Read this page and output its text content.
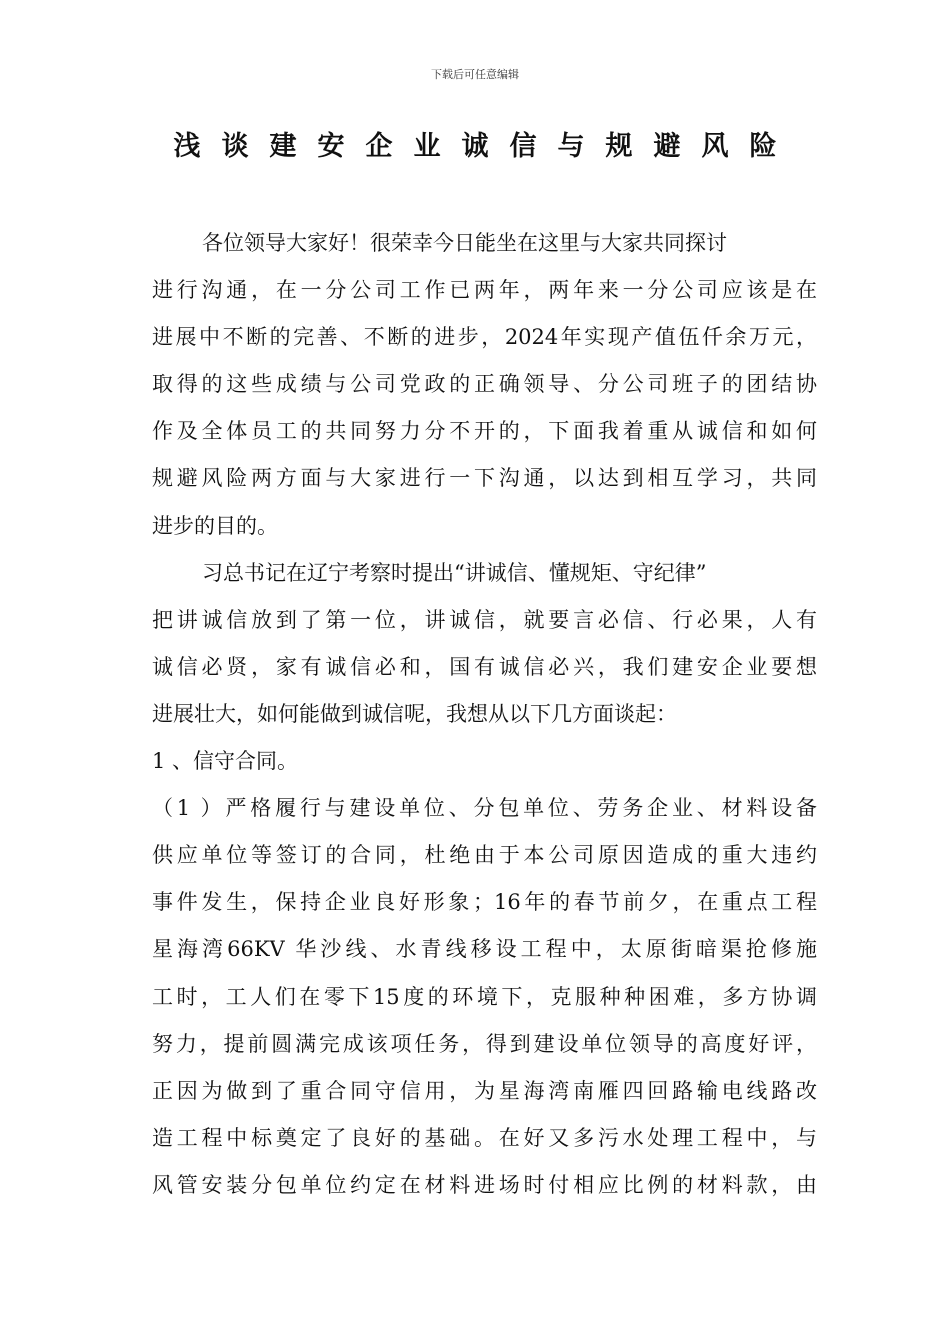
下载后可任意编辑
浅谈建安企业诚信与规避风险
各位领导大家好！很荣幸今日能坐在这里与大家共同探讨
进行沟通，在一分公司工作已两年，两年来一分公司应该是在
进展中不断的完善、不断的进步，2024年实现产值伍仟余万元，
取得的这些成绩与公司党政的正确领导、分公司班子的团结协
作及全体员工的共同努力分不开的，下面我着重从诚信和如何
规避风险两方面与大家进行一下沟通，以达到相互学习，共同
进步的目的。
习总书记在辽宁考察时提出“讲诚信、懂规矩、守纪律”
把讲诚信放到了第一位，讲诚信，就要言必信、行必果，人有
诚信必贤，家有诚信必和，国有诚信必兴，我们建安企业要想
进展壮大，如何能做到诚信呢，我想从以下几方面谈起：
1 、信守合同。
（1 ）严格履行与建设单位、分包单位、劳务企业、材料设备
供应单位等签订的合同，杜绝由于本公司原因造成的重大违约
事件发生，保持企业良好形象；16年的春节前夕，在重点工程
星海湾66KV 华沙线、水青线移设工程中，太原街暗渠抢修施
工时，工人们在零下15度的环境下，克服种种困难，多方协调
努力，提前圆满完成该项任务，得到建设单位领导的高度好评，
正因为做到了重合同守信用，为星海湾南雁四回路输电线路改
造工程中标奠定了良好的基础。在好又多污水处理工程中，与
风管安装分包单位约定在材料进场时付相应比例的材料款，由
